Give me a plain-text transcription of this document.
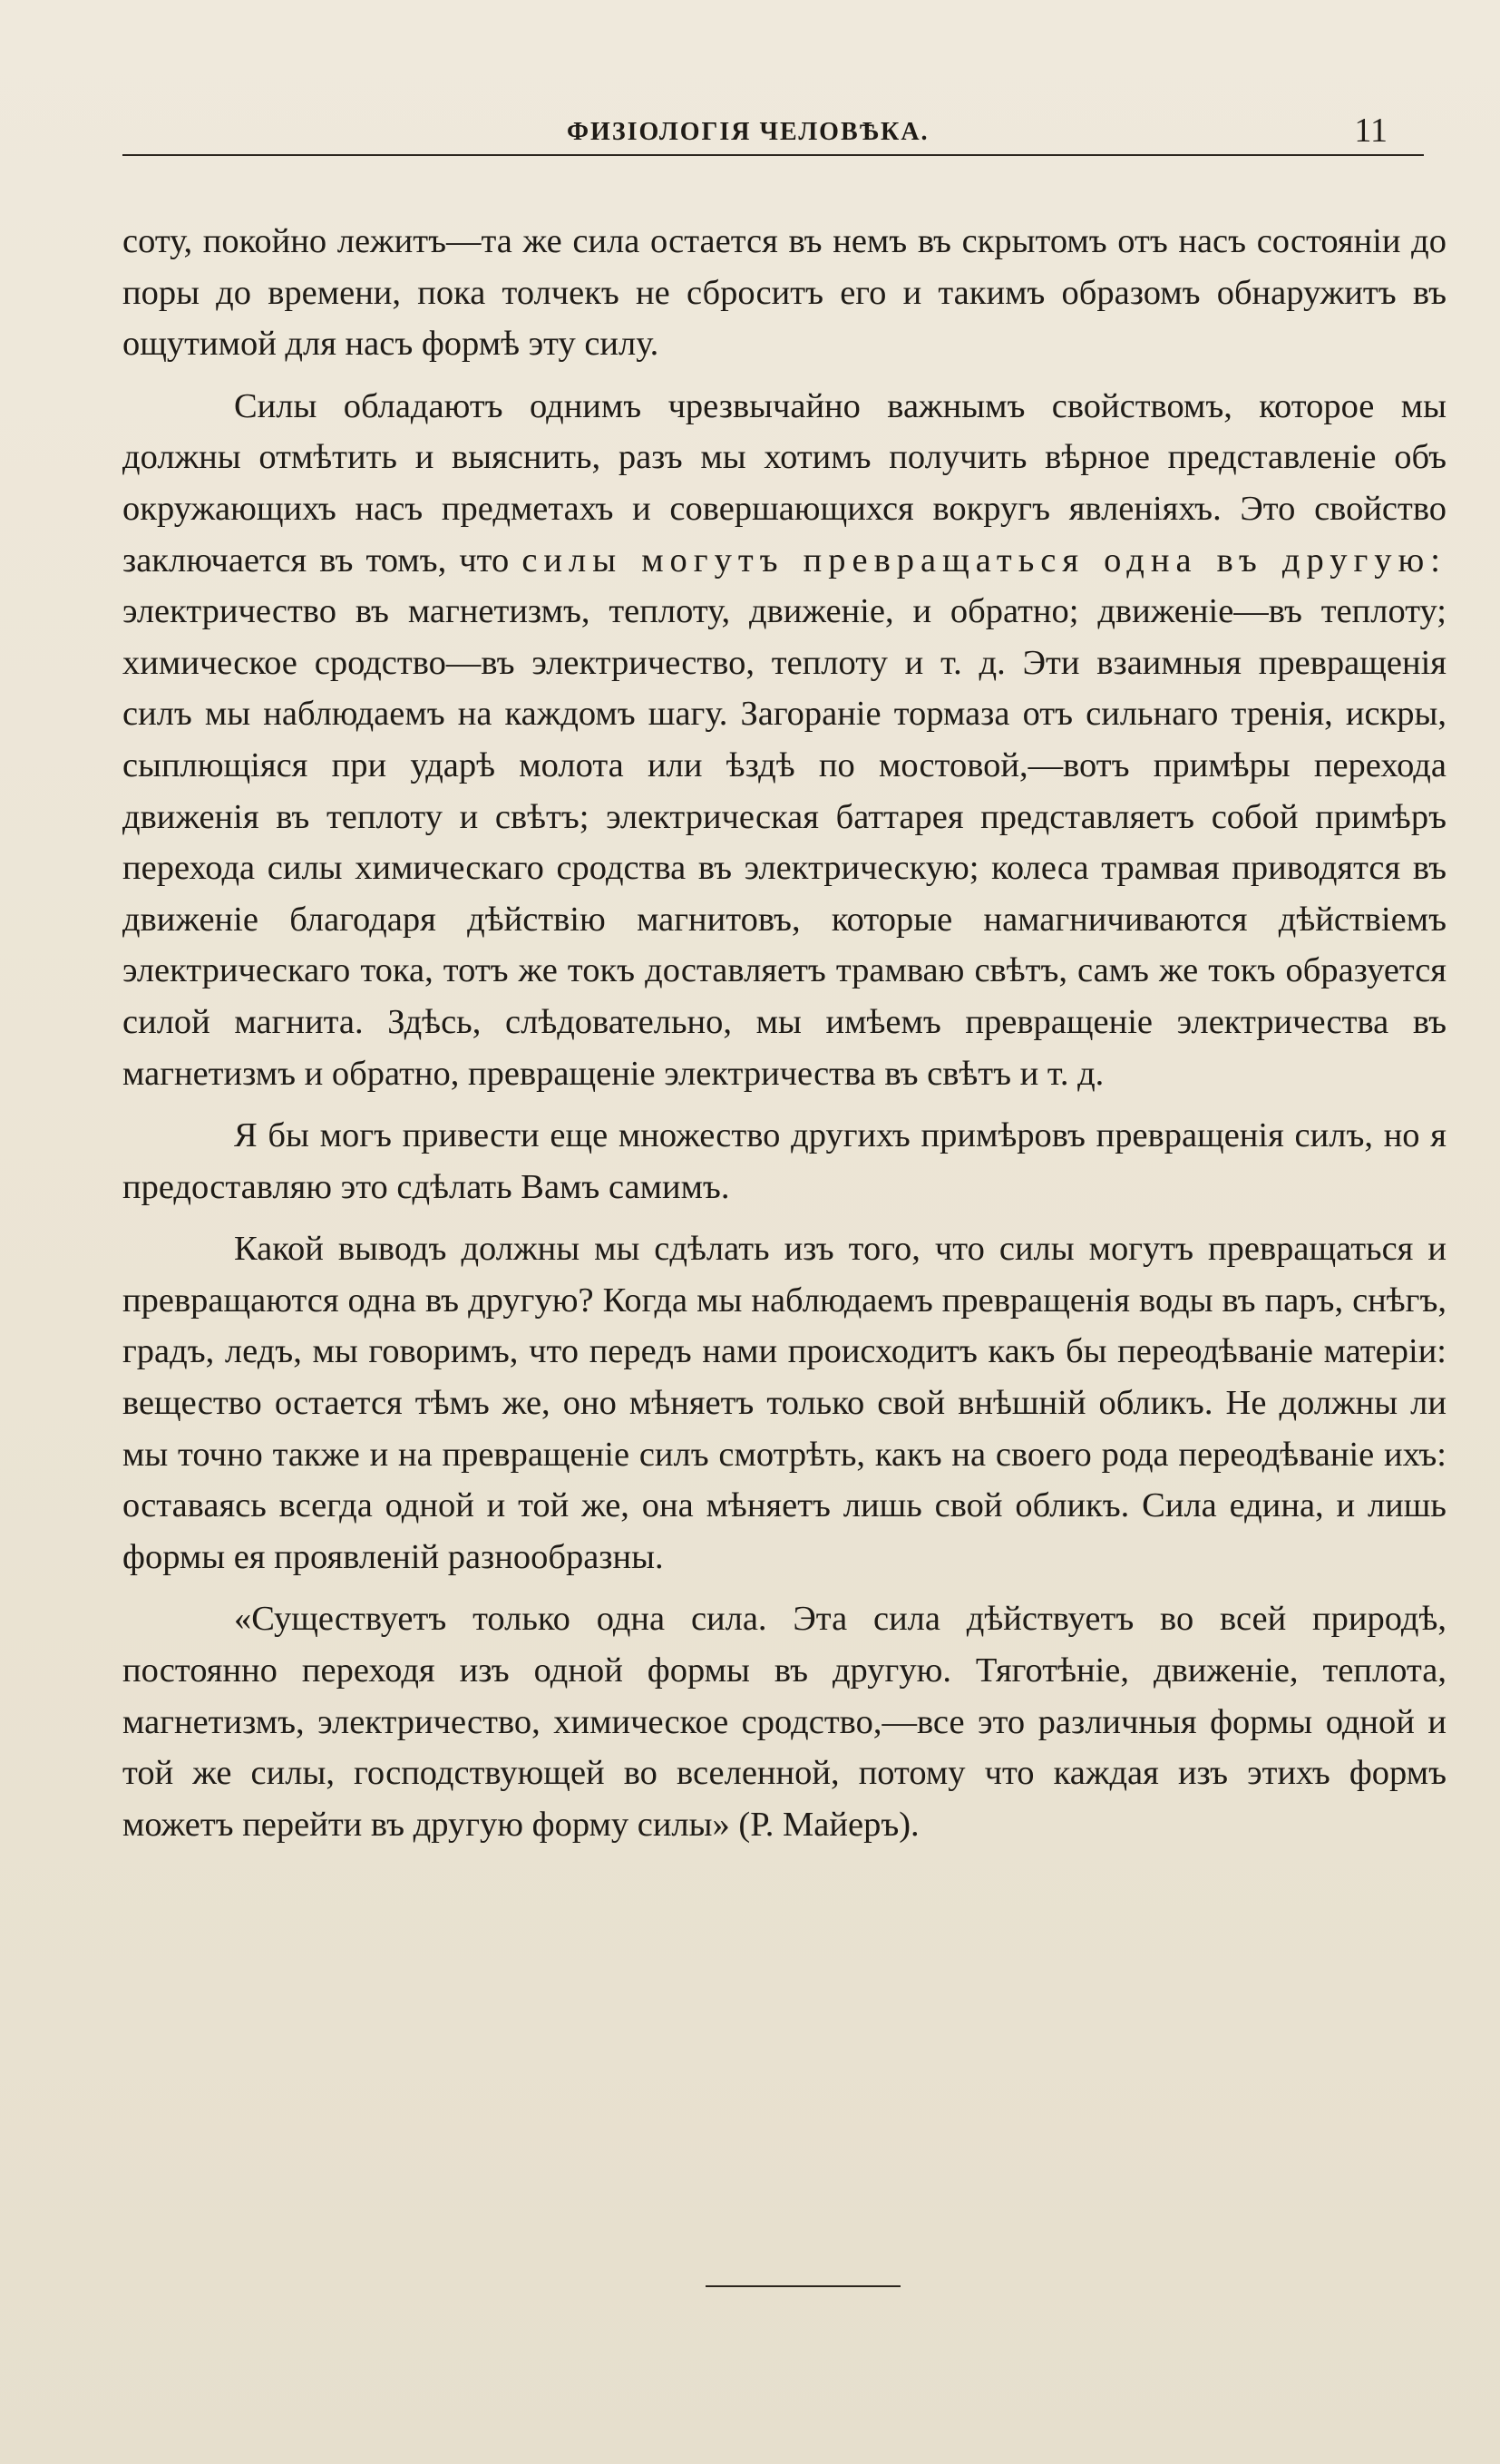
ФИЗІОЛОГІЯ ЧЕЛОВѢКА.	11

соту, покойно лежитъ—та же сила остается въ немъ въ скрытомъ отъ насъ состояніи до поры до времени, пока толчекъ не сброситъ его и такимъ образомъ обнаружитъ въ ощутимой для насъ формѣ эту силу.

Силы обладаютъ однимъ чрезвычайно важнымъ свойствомъ, которое мы должны отмѣтить и выяснить, разъ мы хотимъ получить вѣрное представленіе объ окружающихъ насъ предметахъ и совершающихся вокругъ явленіяхъ. Это свойство заключается въ томъ, что силы могутъ превращаться одна въ другую: электричество въ магнетизмъ, теплоту, движеніе, и обратно; движеніе—въ теплоту; химическое сродство—въ электричество, теплоту и т. д. Эти взаимныя превращенія силъ мы наблюдаемъ на каждомъ шагу. Загораніе тормаза отъ сильнаго тренія, искры, сыплющіяся при ударѣ молота или ѣздѣ по мостовой,—вотъ примѣры перехода движенія въ теплоту и свѣтъ; электрическая баттарея представляетъ собой примѣръ перехода силы химическаго сродства въ электрическую; колеса трамвая приводятся въ движеніе благодаря дѣйствію магнитовъ, которые намагничиваются дѣйствіемъ электрическаго тока, тотъ же токъ доставляетъ трамваю свѣтъ, самъ же токъ образуется силой магнита. Здѣсь, слѣдовательно, мы имѣемъ превращеніе электричества въ магнетизмъ и обратно, превращеніе электричества въ свѣтъ и т. д.

Я бы могъ привести еще множество другихъ примѣровъ превращенія силъ, но я предоставляю это сдѣлать Вамъ самимъ.

Какой выводъ должны мы сдѣлать изъ того, что силы могутъ превращаться и превращаются одна въ другую? Когда мы наблюдаемъ превращенія воды въ паръ, снѣгъ, градъ, ледъ, мы говоримъ, что передъ нами происходитъ какъ бы переодѣваніе матеріи: вещество остается тѣмъ же, оно мѣняетъ только свой внѣшній обликъ. Не должны ли мы точно также и на превращеніе силъ смотрѣть, какъ на своего рода переодѣваніе ихъ: оставаясь всегда одной и той же, она мѣняетъ лишь свой обликъ. Сила едина, и лишь формы ея проявленій разнообразны.

«Существуетъ только одна сила. Эта сила дѣйствуетъ во всей природѣ, постоянно переходя изъ одной формы въ другую. Тяготѣніе, движеніе, теплота, магнетизмъ, электричество, химическое сродство,—все это различныя формы одной и той же силы, господствующей во вселенной, потому что каждая изъ этихъ формъ можетъ перейти въ другую форму силы» (Р. Майеръ).
